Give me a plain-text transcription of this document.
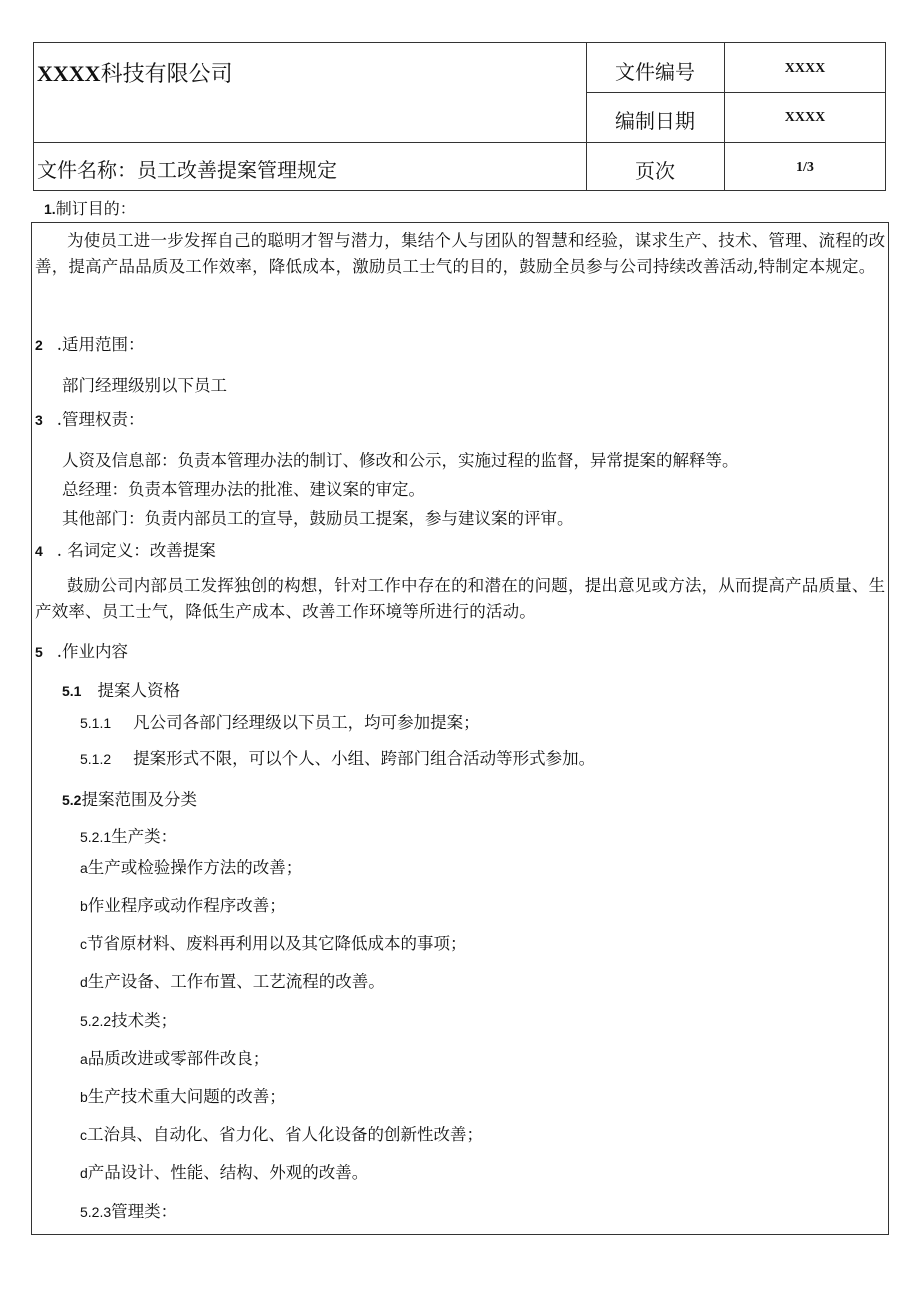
XXXX科技有限公司
文件名称：员工改善提案管理规定
文件编号	XXXX
编制日期	XXXX
页次	1/3
1.制订目的：
为使员工进一步发挥自己的聪明才智与潜力，集结个人与团队的智慧和经验，谋求生产、技术、管理、流程的改善，提高产品品质及工作效率，降低成本，激励员工士气的目的，鼓励全员参与公司持续改善活动,特制定本规定。
2 .适用范围：
部门经理级别以下员工
3 .管理权责：
人资及信息部：负责本管理办法的制订、修改和公示，实施过程的监督，异常提案的解释等。
总经理：负责本管理办法的批准、建议案的审定。
其他部门：负责内部员工的宣导，鼓励员工提案，参与建议案的评审。
4 . 名词定义：改善提案
鼓励公司内部员工发挥独创的构想，针对工作中存在的和潜在的问题，提出意见或方法，从而提高产品质量、生产效率、员工士气，降低生产成本、改善工作环境等所进行的活动。
5 .作业内容
5.1 提案人资格
5.1.1 凡公司各部门经理级以下员工，均可参加提案；
5.1.2 提案形式不限，可以个人、小组、跨部门组合活动等形式参加。
5.2提案范围及分类
5.2.1生产类：
a生产或检验操作方法的改善；
b作业程序或动作程序改善；
c节省原材料、废料再利用以及其它降低成本的事项；
d生产设备、工作布置、工艺流程的改善。
5.2.2技术类；
a品质改进或零部件改良；
b生产技术重大问题的改善；
c工治具、自动化、省力化、省人化设备的创新性改善；
d产品设计、性能、结构、外观的改善。
5.2.3管理类：
